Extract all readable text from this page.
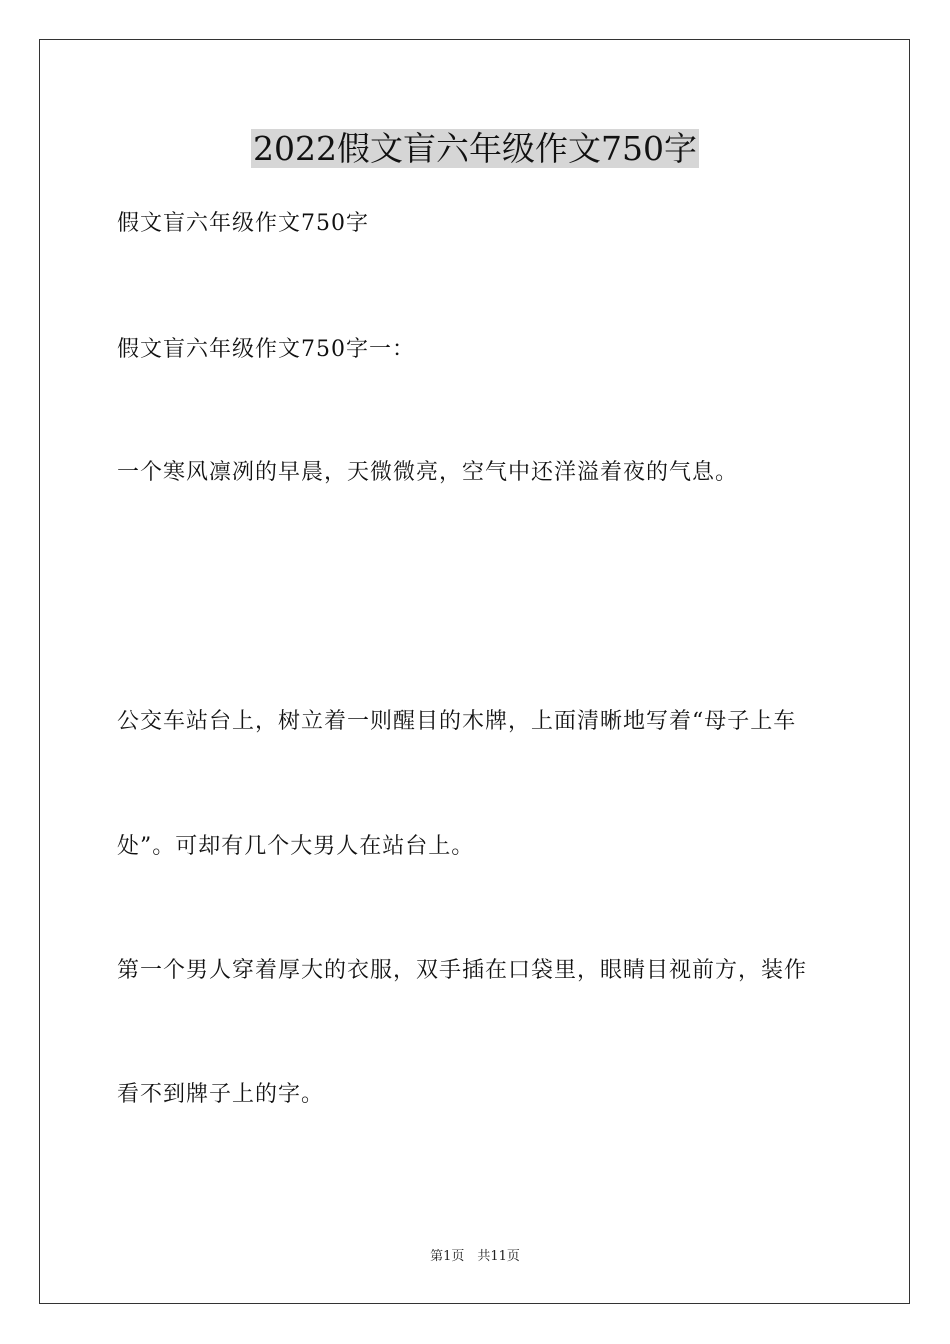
2022假文盲六年级作文750字
假文盲六年级作文750字
假文盲六年级作文750字一：
一个寒风凛冽的早晨，天微微亮，空气中还洋溢着夜的气息。
公交车站台上，树立着一则醒目的木牌，上面清晰地写着“母子上车
处”。可却有几个大男人在站台上。
第一个男人穿着厚大的衣服，双手插在口袋里，眼睛目视前方，装作
看不到牌子上的字。
第1页　共11页
